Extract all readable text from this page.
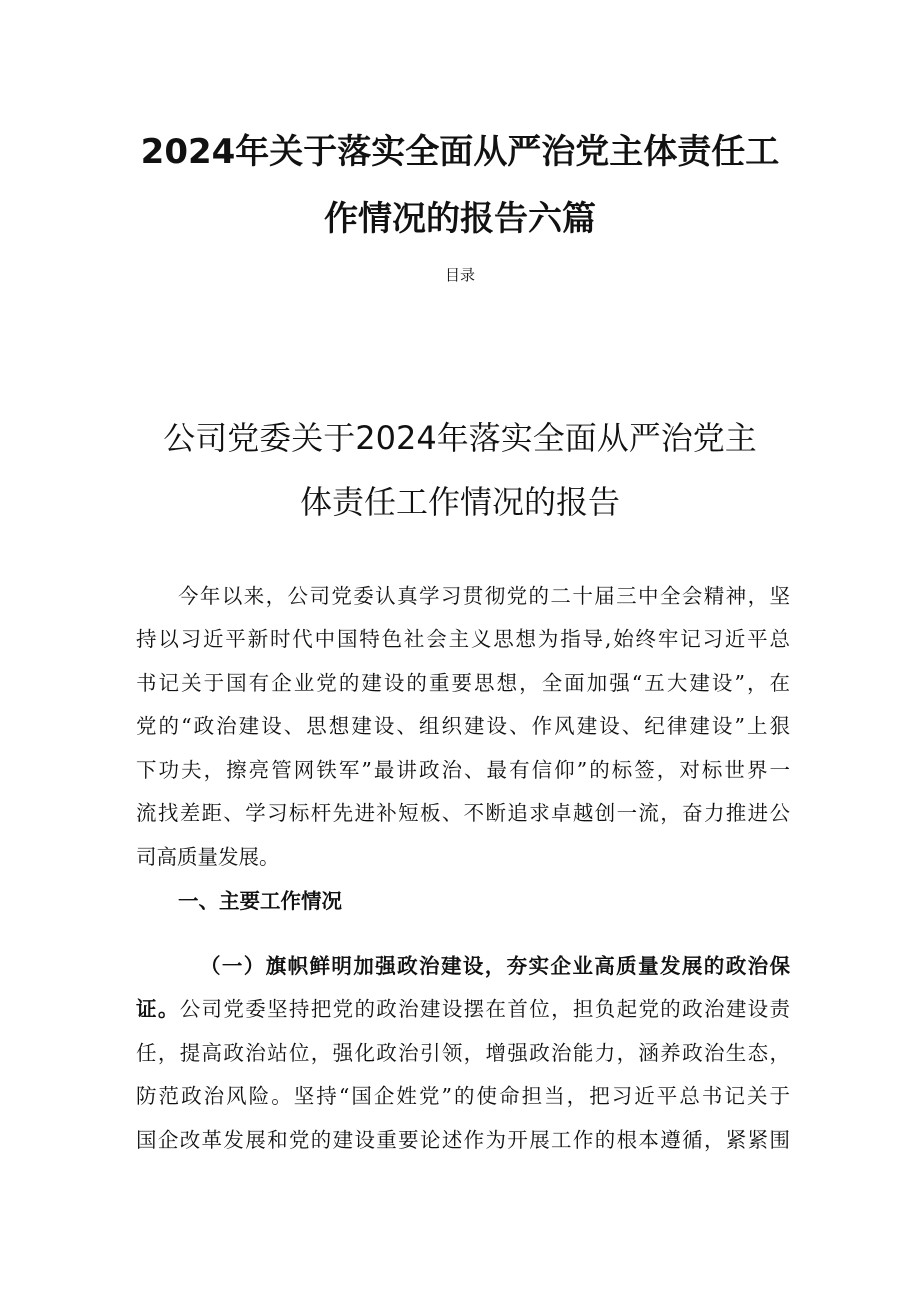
2024年关于落实全面从严治党主体责任工
作情况的报告六篇
目录
公司党委关于2024年落实全面从严治党主
体责任工作情况的报告
今年以来，公司党委认真学习贯彻党的二十届三中全会精神，坚
持以习近平新时代中国特色社会主义思想为指导,始终牢记习近平总
书记关于国有企业党的建设的重要思想，全面加强“五大建设”，在
党的“政治建设、思想建设、组织建设、作风建设、纪律建设”上狠
下功夫，擦亮管网铁军”最讲政治、最有信仰”的标签，对标世界一
流找差距、学习标杆先进补短板、不断追求卓越创一流，奋力推进公
司高质量发展。
一、主要工作情况
（一）旗帜鲜明加强政治建设，夯实企业高质量发展的政治保
证。公司党委坚持把党的政治建设摆在首位，担负起党的政治建设责
任，提高政治站位，强化政治引领，增强政治能力，涵养政治生态，
防范政治风险。坚持“国企姓党”的使命担当，把习近平总书记关于
国企改革发展和党的建设重要论述作为开展工作的根本遵循，紧紧围
